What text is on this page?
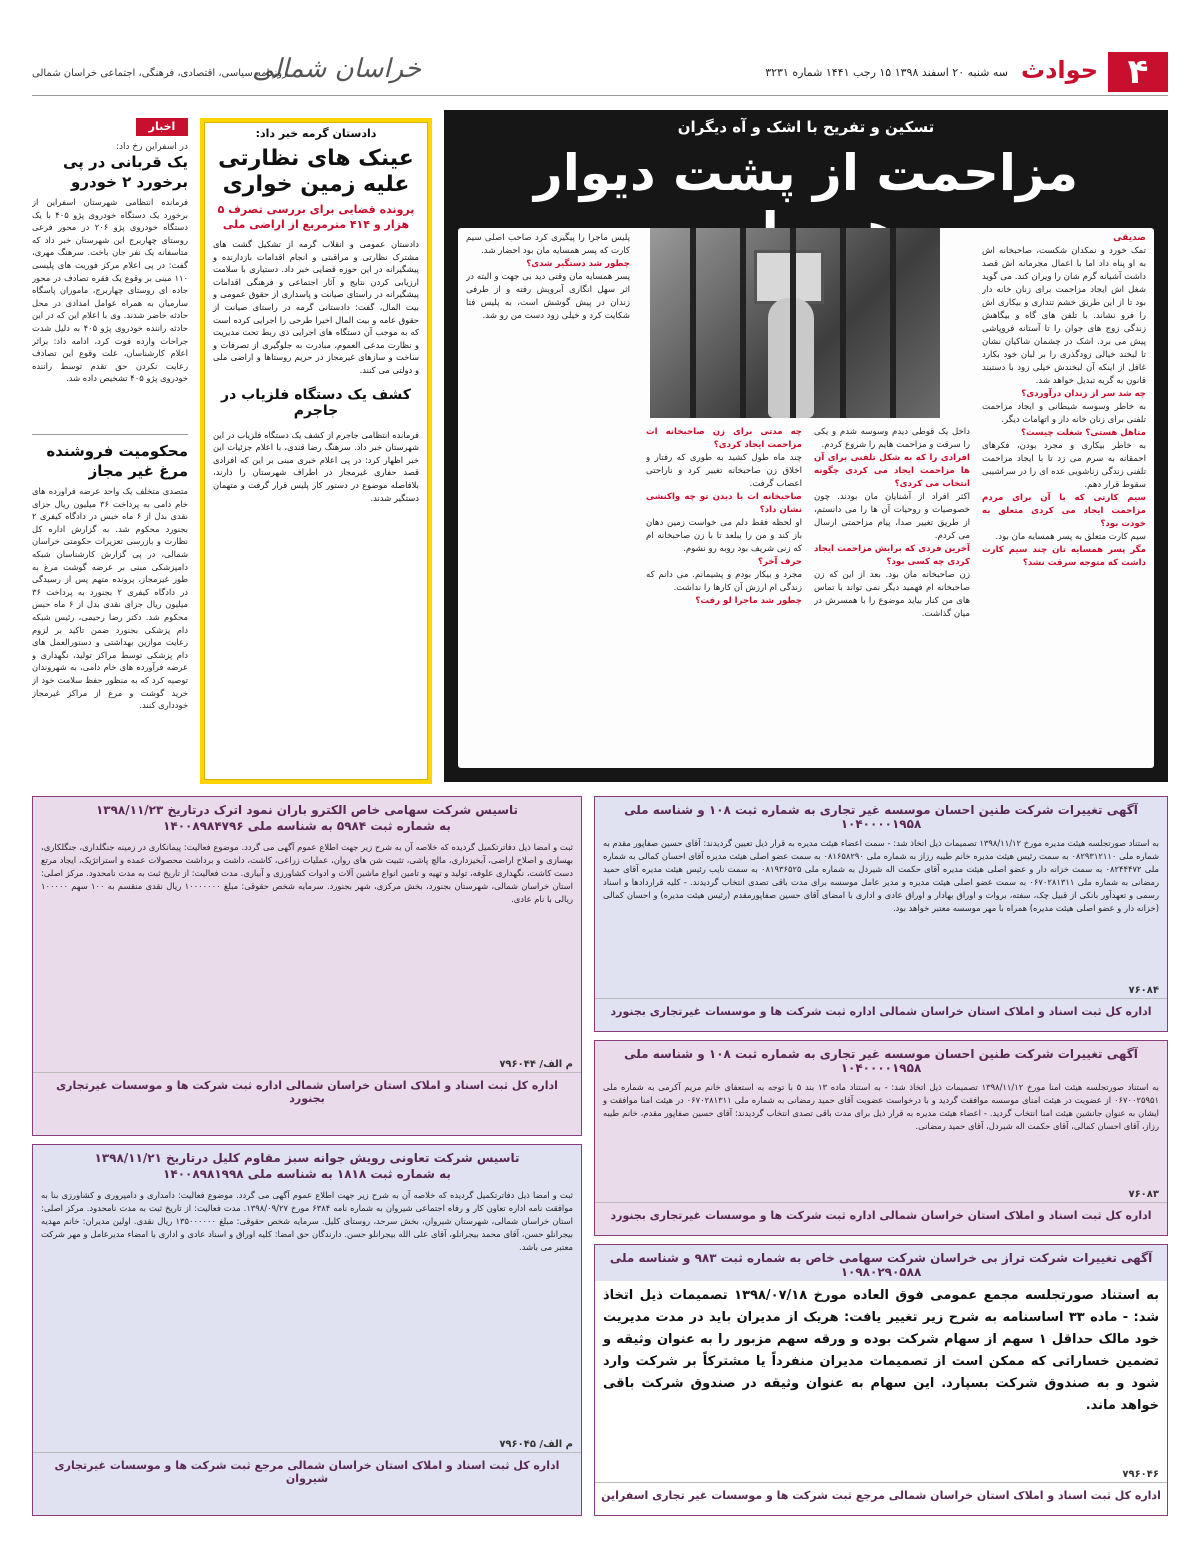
۴
حوادث
سه شنبه ۲۰ اسفند ۱۳۹۸ ۱۵ رجب ۱۴۴۱ شماره ۳۲۳۱
خراسان شمالی
روزنامه سیاسی، اقتصادی، فرهنگی، اجتماعی خراسان شمالی
تسکین و تفریح با اشک و آه دیگران
مزاحمت از پشت دیوار
صدیقی

تمک خورد و نمکدان شکست، صاحبخانه اش به او پناه داد اما با اعمال مجرمانه اش قصد داشت آشیانه گرم شان را ویران کند. می گوید شغل اش ایجاد مزاحمت برای زنان خانه دار بود تا از این طریق خشم تنداری و بیکاری اش را فرو نشاند. با تلفن های گاه و بیگاهش زندگی زوج های جوان را تا آستانه فروپاشی پیش می برد. اشک در چشمان شاکیان نشان تا لبخند خیالی زودگذری را بر لبان خود بکارد غافل از اینکه آن لبخندش خیلی زود با دستبند قانون به گریه تبدیل خواهد شد.

چه شد سر از زندان درآوردی؟

به خاطر وسوسه شیطانی و ایجاد مزاحمت تلفنی برای زنان خانه دار و اتهامات دیگر.

متاهل هستی؟ شغلت چیست؟

به خاطر بیکاری و مجرد بودن، فکرهای احمقانه به سرم می زد تا با ایجاد مزاحمت تلفنی زندگی زناشویی عده ای را در سراشیبی سقوط قرار دهم.

سیم کارتی که با آن برای مردم مزاحمت ایجاد می کردی متعلق به خودت بود؟

سیم کارت متعلق به پسر همسایه مان بود.

مگر پسر همسایه تان چند سیم کارت داشت که متوجه سرقت نشد؟

داخل یک قوطی دیدم وسوسه شدم و یکی را سرقت و مزاحمت هایم را شروع کردم.

افرادی را که به شکل تلفنی برای آن ها مزاحمت ایجاد می کردی چگونه انتخاب می کردی؟

اکثر افراد از آشنایان مان بودند. چون خصوصیات و روحیات آن ها را می دانستم، از طریق تغییر صدا، پیام مزاحمتی ارسال می کردم.

آخرین فردی که برایش مزاحمت ایجاد کردی چه کسی بود؟

زن صاحبخانه مان بود. بعد از این که زن صاحبخانه ام فهمید دیگر نمی تواند با تماس های من کنار بیاید موضوع را با همسرش در میان گذاشت.

چه مدتی برای زن صاحبخانه ات مزاحمت ایجاد کردی؟

چند ماه طول کشید به طوری که رفتار و اخلاق زن صاحبخانه تغییر کرد و ناراحتی اعصاب گرفت.

صاحبخانه ات با دیدن تو چه واکنشی نشان داد؟

او لحظه فقط دلم می خواست زمین دهان باز کند و من را ببلعد تا با زن صاحبخانه ام که زنی شریف بود روبه رو نشوم.

حرف آخر؟

مجرد و بیکار بودم و پشیمانم. می دانم که زندگی ام ارزش آن کارها را نداشت.

چطور شد ماجرا لو رفت؟

پلیس ماجرا را پیگیری کرد صاحب اصلی سیم کارت که پسر همسایه مان بود احضار شد.

چطور شد دستگیر شدی؟

پسر همسایه مان وقتی دید بی جهت و البته در اثر سهل انگاری آبرویش رفته و از طرفی زندان در پیش گوشش است، به پلیس فتا شکایت کرد و خیلی زود دست من رو شد.

دادستان گرمه خبر داد:
عینک های نظارتی علیه زمین خواری
پرونده قضایی برای بررسی تصرف ۵ هزار و ۴۱۴ مترمربع از اراضی ملی
دادستان عمومی و انقلاب گرمه از تشکیل گشت های مشترک نظارتی و مراقبتی و انجام اقدامات بازدارنده و پیشگیرانه در این حوزه قضایی خبر داد. دستیاری با سلامت ارزیابی کردن نتایج و آثار اجتماعی و فرهنگی اقدامات پیشگیرانه در راستای صیانت و پاسداری از حقوق عمومی و بیت المال، گفت: دادستانی گرمه در راستای صیانت از حقوق عامه و بیت المال اخیرا طرحی را اجرایی کرده است که به موجب آن دستگاه های اجرایی ذی ربط تحت مدیریت و نظارت مدعی العموم، مبادرت به جلوگیری از تصرفات و ساخت و سازهای غیرمجاز در حریم روستاها و اراضی ملی و دولتی می کنند.
کشف یک دستگاه فلزیاب در جاجرم
فرمانده انتظامی جاجرم از کشف یک دستگاه فلزیاب در این شهرستان خبر داد. سرهنگ رضا قندی، با اعلام جزئیات این خبر اظهار کرد: در پی اعلام خبری مبنی بر این که افرادی قصد حفاری غیرمجاز در اطراف شهرستان را دارند، بلافاصله موضوع در دستور کار پلیس قرار گرفت و متهمان دستگیر شدند.
اخبار
در اسفراین رخ داد:
یک قربانی در پی برخورد ۲ خودرو
فرمانده انتظامی شهرستان اسفراین از برخورد یک دستگاه خودروی پژو ۴۰۵ با یک دستگاه خودروی پژو ۲۰۶ در محور فرعی روستای چهاربرج این شهرستان خبر داد که متاسفانه یک نفر جان باخت. سرهنگ مهری، گفت: در پی اعلام مرکز فوریت های پلیسی ۱۱۰ مبنی بر وقوع یک فقره تصادف در محور جاده ای روستای چهاربرج، ماموران پاسگاه سارمیان به همراه عوامل امدادی در محل حادثه حاضر شدند. وی با اعلام این که در این حادثه راننده خودروی پژو ۴۰۵ به دلیل شدت جراحات وارده فوت کرد، ادامه داد: براثر اعلام کارشناسان، علت وقوع این تصادف رعایت نکردن حق تقدم توسط راننده خودروی پژو ۴۰۵ تشخیص داده شد.
محکومیت فروشنده مرغ غیر مجاز
متصدی متخلف یک واحد عرضه فراورده های خام دامی به پرداخت ۳۶ میلیون ریال جزای نقدی بدل از ۶ ماه حبس در دادگاه کیفری ۲ بجنورد محکوم شد. به گزارش اداره کل نظارت و بازرسی تعزیرات حکومتی خراسان شمالی، در پی گزارش کارشناسان شبکه دامپزشکی مبنی بر عرضه گوشت مرغ به طور غیرمجاز، پرونده متهم پس از رسیدگی در دادگاه کیفری ۲ بجنورد به پرداخت ۳۶ میلیون ریال جزای نقدی بدل از ۶ ماه حبس محکوم شد. دکتر رضا رحیمی، رئیس شبکه دام پزشکی بجنورد ضمن تاکید بر لزوم رعایت موازین بهداشتی و دستورالعمل های دام پزشکی توسط مراکز تولید، نگهداری و عرضه فرآورده های خام دامی، به شهروندان توصیه کرد که به منظور حفظ سلامت خود از خرید گوشت و مرغ از مراکز غیرمجاز خودداری کنند.
آگهی تغییرات شرکت طنین احسان موسسه غیر تجاری به شماره ثبت ۱۰۸ و شناسه ملی ۱۰۴۰۰۰۰۱۹۵۸
به استناد صورتجلسه هیئت مدیره مورخ ۱۳۹۸/۱۱/۱۲ تصمیمات ذیل اتخاذ شد: - سمت اعضاء هیئت مدیره به قرار ذیل تعیین گردیدند: آقای حسین صفاپور مقدم به شماره ملی ۰۸۲۹۳۱۲۱۱۰ به سمت رئیس هیئت مدیره خانم طیبه رزاز به شماره ملی ۰۸۱۶۵۸۲۹۰ به سمت عضو اصلی هیئت مدیره آقای احسان کمالی به شماره ملی ۰۸۲۴۴۴۷۲ به سمت خزانه دار و عضو اصلی هیئت مدیره آقای حکمت اله شیردل به شماره ملی ۰۸۱۹۳۶۵۲۵ به سمت نایب رئیس هیئت مدیره آقای حمید رمضانی به شماره ملی ۰۶۷۰۲۸۱۳۱۱ به سمت عضو اصلی هیئت مدیره و مدیر عامل موسسه برای مدت باقی تصدی انتخاب گردیدند. - کلیه قراردادها و اسناد رسمی و تعهدآور بانکی از قبیل چک، سفته، بروات و اوراق بهادار و اوراق عادی و اداری با امضای آقای حسین صفاپورمقدم (رئیس هیئت مدیره) و احسان کمالی (خزانه دار و عضو اصلی هیئت مدیره) همراه با مهر موسسه معتبر خواهد بود.
۷۶۰۸۴
اداره کل ثبت اسناد و املاک استان خراسان شمالی اداره ثبت شرکت ها و موسسات غیرتجاری بجنورد
آگهی تغییرات شرکت طنین احسان موسسه غیر تجاری به شماره ثبت ۱۰۸ و شناسه ملی ۱۰۴۰۰۰۰۱۹۵۸
به استناد صورتجلسه هیئت امنا مورخ ۱۳۹۸/۱۱/۱۲ تصمیمات ذیل اتخاذ شد: - به استناد ماده ۱۳ بند ۵ با توجه به استعفای خانم مریم آکرمی به شماره ملی ۰۶۷۰۰۲۵۹۵۱ از عضویت در هیئت امنای موسسه موافقت گردید و با درخواست عضویت آقای حمید رمضانی به شماره ملی ۰۶۷۰۲۸۱۳۱۱ در هیئت امنا موافقت و ایشان به عنوان جانشین هیئت امنا انتخاب گردید. - اعضاء هیئت مدیره به قرار ذیل برای مدت باقی تصدی انتخاب گردیدند: آقای حسین صفاپور مقدم، خانم طیبه رزاز، آقای احسان کمالی، آقای حکمت اله شیردل، آقای حمید رمضانی.
۷۶۰۸۳
اداره کل ثبت اسناد و املاک استان خراسان شمالی اداره ثبت شرکت ها و موسسات غیرتجاری بجنورد
آگهی تغییرات شرکت تراز بی خراسان شرکت سهامی خاص به شماره ثبت ۹۸۳ و شناسه ملی ۱۰۹۸۰۲۹۰۵۸۸
به استناد صورتجلسه مجمع عمومی فوق العاده مورخ ۱۳۹۸/۰۷/۱۸ تصمیمات ذیل اتخاذ شد: - ماده ۳۳ اساسنامه به شرح زیر تغییر یافت: هریک از مدیران باید در مدت مدیریت خود مالک حداقل ۱ سهم از سهام شرکت بوده و ورقه سهم مزبور را به عنوان وثیقه و تضمین خساراتی که ممکن است از تصمیمات مدیران منفرداً یا مشترکاً بر شرکت وارد شود و به صندوق شرکت بسپارد. این سهام به عنوان وثیقه در صندوق شرکت باقی خواهد ماند.
۷۹۶۰۴۶
اداره کل ثبت اسناد و املاک استان خراسان شمالی مرجع ثبت شرکت ها و موسسات غیر تجاری اسفراین
تاسیس شرکت سهامی خاص الکترو باران نمود اترک درتاریخ ۱۳۹۸/۱۱/۲۳
به شماره ثبت ۵۹۸۴ به شناسه ملی ۱۴۰۰۸۹۸۴۷۹۶
ثبت و امضا ذیل دفاترتکمیل گردیده که خلاصه آن به شرح زیر جهت اطلاع عموم آگهی می گردد. موضوع فعالیت: پیمانکاری در زمینه جنگلداری، جنگلکاری، بهسازی و اصلاح اراضی، آبخیزداری، مالچ پاشی، تثبیت شن های روان، عملیات زراعی، کاشت، داشت و برداشت محصولات عمده و استراتژیک، ایجاد مرتع دست کاشت، نگهداری علوفه، تولید و تهیه و تامین انواع ماشین آلات و ادوات کشاورزی و آبیاری. مدت فعالیت: از تاریخ ثبت به مدت نامحدود. مرکز اصلی: استان خراسان شمالی، شهرستان بجنورد، بخش مرکزی، شهر بجنورد. سرمایه شخص حقوقی: مبلغ ۱۰۰۰۰۰۰۰ ریال نقدی منقسم به ۱۰۰ سهم ۱۰۰۰۰۰ ریالی با نام عادی.
م الف/ ۷۹۶۰۴۴
اداره کل ثبت اسناد و املاک استان خراسان شمالی اداره ثبت شرکت ها و موسسات غیرتجاری بجنورد
تاسیس شرکت تعاونی رویش جوانه سبز مقاوم کلیل درتاریخ ۱۳۹۸/۱۱/۲۱
به شماره ثبت ۱۸۱۸ به شناسه ملی ۱۴۰۰۸۹۸۱۹۹۸
ثبت و امضا ذیل دفاترتکمیل گردیده که خلاصه آن به شرح زیر جهت اطلاع عموم آگهی می گردد. موضوع فعالیت: دامداری و دامپروری و کشاورزی بنا به موافقت نامه اداره تعاون کار و رفاه اجتماعی شیروان به شماره نامه ۶۳۸۴ مورخ ۱۳۹۸/۰۹/۲۷. مدت فعالیت: از تاریخ ثبت به مدت نامحدود. مرکز اصلی: استان خراسان شمالی، شهرستان شیروان، بخش سرحد، روستای کلیل. سرمایه شخص حقوقی: مبلغ ۱۳۵۰۰۰۰۰۰ ریال نقدی. اولین مدیران: خانم مهدیه بیجرانلو حسن، آقای محمد بیجرانلو، آقای علی الله بیجرانلو حسن. دارندگان حق امضا: کلیه اوراق و اسناد عادی و اداری با امضاء مدیرعامل و مهر شرکت معتبر می باشد.
م الف/ ۷۹۶۰۴۵
اداره کل ثبت اسناد و املاک استان خراسان شمالی مرجع ثبت شرکت ها و موسسات غیرتجاری شیروان
